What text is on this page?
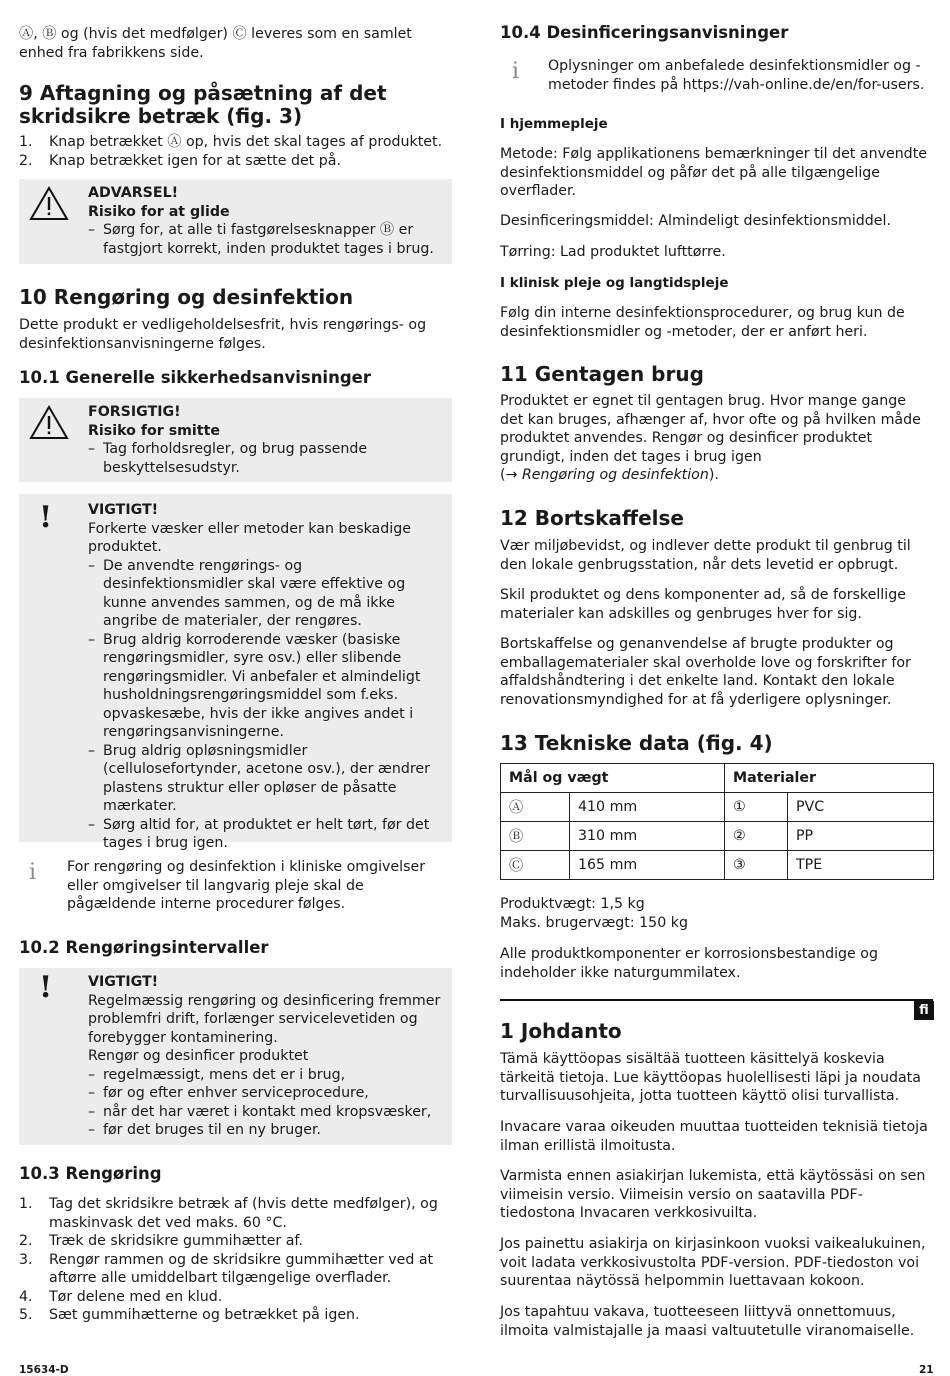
Ⓐ, Ⓑ og (hvis det medfølger) Ⓒ leveres som en samlet enhed fra fabrikkens side.

9 Aftagning og påsætning af det skridsikre betræk (fig. 3)
1. Knap betrækket Ⓐ op, hvis det skal tages af produktet.
2. Knap betrækket igen for at sætte det på.

ADVARSEL!

Risiko for at glide

– Sørg for, at alle ti fastgørelsesknapper Ⓑ er fastgjort korrekt, inden produktet tages i brug.
10 Rengøring og desinfektion

Dette produkt er vedligeholdelsesfrit, hvis rengørings- og desinfektionsanvisningerne følges.

10.1 Generelle sikkerhedsanvisninger

FORSIGTIG!

Risiko for smitte

– Tag forholdsregler, og brug passende beskyttelsesudstyr.
!	VIGTIGT!

Forkerte væsker eller metoder kan beskadige produktet.

– De anvendte rengørings- og desinfektionsmidler skal være effektive og kunne anvendes sammen, og de må ikke angribe de materialer, der rengøres.
– Brug aldrig korroderende væsker (basiske rengøringsmidler, syre osv.) eller slibende rengøringsmidler. Vi anbefaler et almindeligt husholdningsrengøringsmiddel som f.eks. opvaskesæbe, hvis der ikke angives andet i rengøringsanvisningerne.
– Brug aldrig opløsningsmidler (cellulosefortynder, acetone osv.), der ændrer plastens struktur eller opløser de påsatte mærkater.
– Sørg altid for, at produktet er helt tørt, før det tages i brug igen.
i For rengøring og desinfektion i kliniske omgivelser eller omgivelser til langvarig pleje skal de pågældende interne procedurer følges.

10.2 Rengøringsintervaller
!	VIGTIGT!

Regelmæssig rengøring og desinficering fremmer problemfri drift, forlænger servicelevetiden og forebygger kontaminering.

Rengør og desinficer produktet

– regelmæssigt, mens det er i brug,
– før og efter enhver serviceprocedure,
– når det har været i kontakt med kropsvæsker,
– før det bruges til en ny bruger.
10.3 Rengøring
1. Tag det skridsikre betræk af (hvis dette medfølger), og maskinvask det ved maks. 60 °C.
2. Træk de skridsikre gummihætter af.
3. Rengør rammen og de skridsikre gummihætter ved at aftørre alle umiddelbart tilgængelige overflader.
4. Tør delene med en klud.
5. Sæt gummihætterne og betrækket på igen.
10.4 Desinficeringsanvisninger
i Oplysninger om anbefalede desinfektionsmidler og -metoder findes på https://vah-online.de/en/for-users.

I hjemmepleje

Metode: Følg applikationens bemærkninger til det anvendte desinfektionsmiddel og påfør det på alle tilgængelige overflader.

Desinficeringsmiddel: Almindeligt desinfektionsmiddel.

Tørring: Lad produktet lufttørre.

I klinisk pleje og langtidspleje

Følg din interne desinfektionsprocedurer, og brug kun de desinfektionsmidler og -metoder, der er anført heri.

11 Gentagen brug

Produktet er egnet til gentagen brug. Hvor mange gange det kan bruges, afhænger af, hvor ofte og på hvilken måde produktet anvendes. Rengør og desinficer produktet grundigt, inden det tages i brug igen
(→ Rengøring og desinfektion).

12 Bortskaffelse

Vær miljøbevidst, og indlever dette produkt til genbrug til den lokale genbrugsstation, når dets levetid er opbrugt.

Skil produktet og dens komponenter ad, så de forskellige materialer kan adskilles og genbruges hver for sig.

Bortskaffelse og genanvendelse af brugte produkter og emballagematerialer skal overholde love og forskrifter for affaldshåndtering i det enkelte land. Kontakt den lokale renovationsmyndighed for at få yderligere oplysninger.

13 Tekniske data (fig. 4)
Mål og vægt		Materialer	
Ⓐ	410 mm	①	PVC
Ⓑ	310 mm	②	PP
Ⓒ	165 mm	③	TPE

Produktvægt: 1,5 kg

Maks. brugervægt: 150 kg

Alle produktkomponenter er korrosionsbestandige og indeholder ikke naturgummilatex.

fi
1 Johdanto

Tämä käyttöopas sisältää tuotteen käsittelyä koskevia tärkeitä tietoja. Lue käyttöopas huolellisesti läpi ja noudata turvallisuusohjeita, jotta tuotteen käyttö olisi turvallista.

Invacare varaa oikeuden muuttaa tuotteiden teknisiä tietoja ilman erillistä ilmoitusta.

Varmista ennen asiakirjan lukemista, että käytössäsi on sen viimeisin versio. Viimeisin versio on saatavilla PDF-tiedostona Invacaren verkkosivuilta.

Jos painettu asiakirja on kirjasinkoon vuoksi vaikealukuinen, voit ladata verkkosivustolta PDF-version. PDF-tiedoston voi suurentaa näytössä helpommin luettavaan kokoon.

Jos tapahtuu vakava, tuotteeseen liittyvä onnettomuus, ilmoita valmistajalle ja maasi valtuutetulle viranomaiselle.

15634-D	21
